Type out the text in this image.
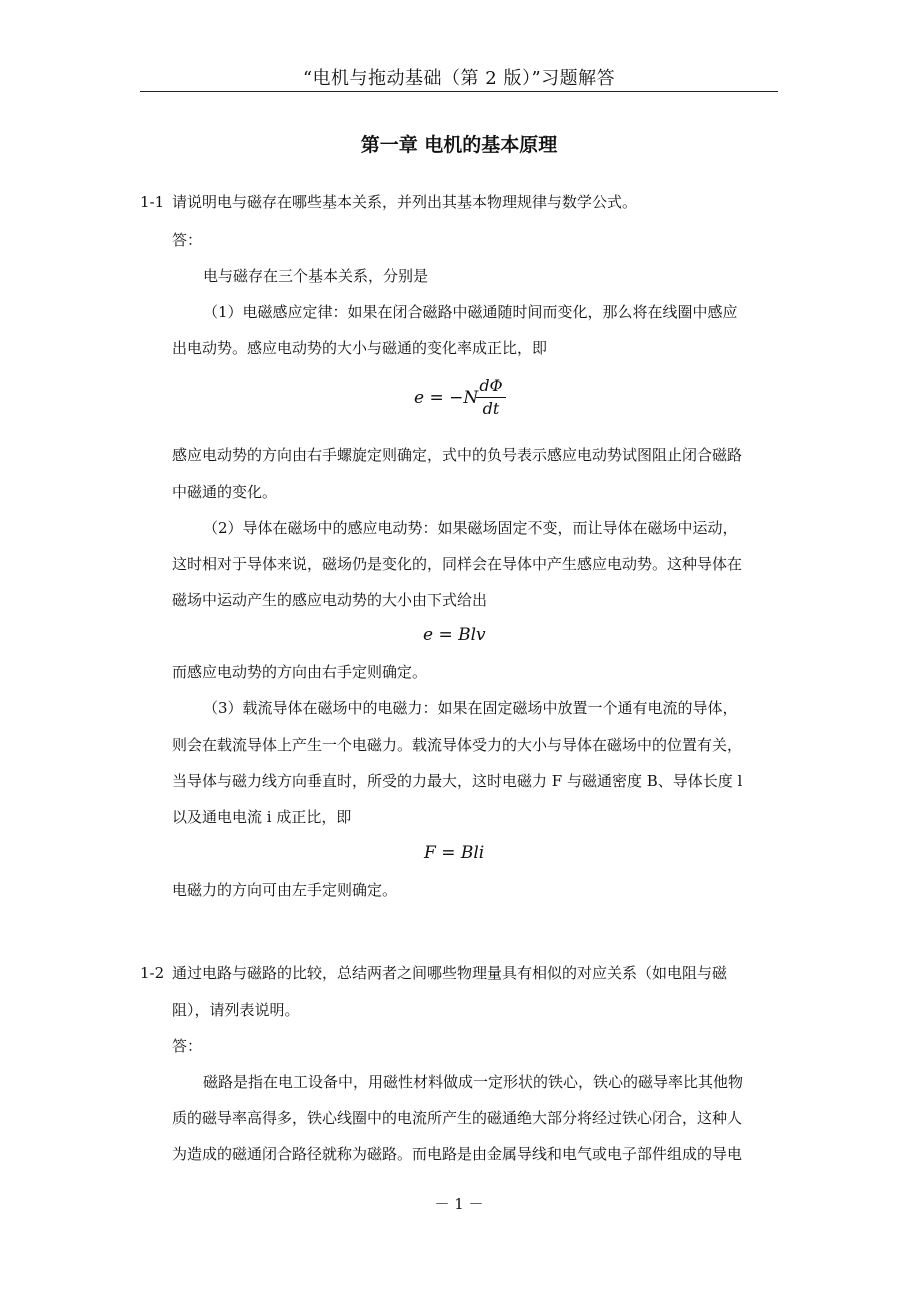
“电机与拖动基础（第 2 版）”习题解答
第一章 电机的基本原理
1-1 请说明电与磁存在哪些基本关系，并列出其基本物理规律与数学公式。
答：
电与磁存在三个基本关系，分别是
（1）电磁感应定律：如果在闭合磁路中磁通随时间而变化，那么将在线圈中感应
出电动势。感应电动势的大小与磁通的变化率成正比，即
e = −N
dΦ
dt
感应电动势的方向由右手螺旋定则确定，式中的负号表示感应电动势试图阻止闭合磁路
中磁通的变化。
（2）导体在磁场中的感应电动势：如果磁场固定不变，而让导体在磁场中运动，
这时相对于导体来说，磁场仍是变化的，同样会在导体中产生感应电动势。这种导体在
磁场中运动产生的感应电动势的大小由下式给出
e = Blv
而感应电动势的方向由右手定则确定。
（3）载流导体在磁场中的电磁力：如果在固定磁场中放置一个通有电流的导体，
则会在载流导体上产生一个电磁力。载流导体受力的大小与导体在磁场中的位置有关，
当导体与磁力线方向垂直时，所受的力最大，这时电磁力 F 与磁通密度 B、导体长度 l
以及通电电流 i 成正比，即
F = Bli
电磁力的方向可由左手定则确定。
1-2 通过电路与磁路的比较，总结两者之间哪些物理量具有相似的对应关系（如电阻与磁
阻），请列表说明。
答：
磁路是指在电工设备中，用磁性材料做成一定形状的铁心，铁心的磁导率比其他物
质的磁导率高得多，铁心线圈中的电流所产生的磁通绝大部分将经过铁心闭合，这种人
为造成的磁通闭合路径就称为磁路。而电路是由金属导线和电气或电子部件组成的导电
－ 1 －
